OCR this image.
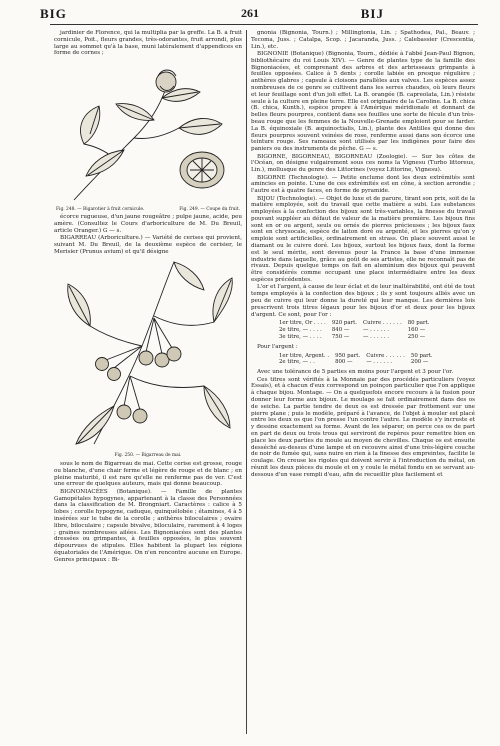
BIG	261	BIJ

jardinier de Florence, qui la multiplia par la greffe. La B. à fruit cornicule, Poit., fleurs grandes, très-odorantes, fruit arrondi, plus large au sommet qu'à la base, muni latéralement d'appendices en forme de cornes ;

Fig. 248. — Bigarotier à fruit cornicule.	Fig. 249. — Coupe du fruit.

écorce rugueuse, d'un jaune rougeâtre ; pulpe jaune, acide, peu amère. (Consultez le Cours d'arboriculture de M. Du Breuil, article Oranger.) G — s.

BIGARREAU (Arboriculture.) — Variété de cerises qui provient, suivant M. Du Breuil, de la deuxième espèce de cerisier, le Merisier (Prunus avium) et qu'il désigne

Fig. 250. — Bigarreau de mai.

sous le nom de Bigarreau de mai. Cette cerise est grosse, rouge ou blanche, d'une chair ferme et légère de rouge et de blanc ; en pleine maturité, il est rare qu'elle ne renferme pas de ver. C'est une erreur de quelques auteurs, mais qui donne beaucoup.

BIGNONIACÉES (Botanique). — Famille de plantes Gamopétales hypogynes, appartenant à la classe des Personnées dans la classification de M. Brongniart. Caractères : calice à 5 lobes ; corolle hypogyne, caduque, quinquélobée ; étamines, 4 à 5 insérées sur le tube de la corolle ; anthères biloculaires ; ovaire libre, biloculaire ; capsule bivalve, biloculaire, rarement à 4 loges ; graines nombreuses ailées. Les Bignoniacées sont des plantes dressées ou grimpantes, à feuilles opposées, le plus souvent dépourvues de stipules. Elles habitent la plupart les régions équatoriales de l'Amérique. On n'en rencontre aucune en Europe. Genres principaux : Bi-

gnonia (Bignonia, Tourn.) ; Millingtonia, Lin. ; Spathodea, Pal., Beauv. ; Tecoma, Juss. ; Catalpa, Scop. ; Jacaranda, Juss. ; Calebassier (Crescentia, Lin.), etc.

BIGNONIE (Botanique) (Bignonia, Tourn., dédiée à l'abbé Jean-Paul Bignon, bibliothécaire du roi Louis XIV). — Genre de plantes type de la famille des Bignoniacées, et comprenant des arbres et des arbrisseaux grimpants à feuilles opposées. Calice à 5 dents ; corolle labiée en presque régulière ; anthères glabres ; capsule à cloisons parallèles aux valves. Les espèces assez nombreuses de ce genre se cultivent dans les serres chaudes, où leurs fleurs et leur feuillage sont d'un joli effet. La B. orangée (B. capreolata, Lin.) résiste seule à la culture en pleine terre. Elle est originaire de la Caroline. La B. chica (B. chica, Kunth.), espèce propre à l'Amérique méridionale et donnant de belles fleurs pourpres, contient dans ses feuilles une sorte de fécule d'un très-beau rouge que les femmes de la Nouvelle-Grenade emploient pour se farder. La B. équinoxiale (B. æquinoctialis, Lin.), plante des Antilles qui donne des fleurs pourpres souvent veinées de rose, renferme aussi dans son écorce une teinture rouge. Ses rameaux sont utilisés par les indigènes pour faire des paniers ou des instruments de pêche. G — s.

BIGORNE, BIGORNEAU, BIGORNEAU (Zoologie). — Sur les côtes de l'Océan, on désigne vulgairement sous ces noms la Vignesu (Turbo littoreus, Lin.), mollusque du genre des Littorines (voyez Littorine, Vignesu).

BIGORNE (Technologie). — Petite enclume dont les deux extrémités sont amincies en pointe. L'une de ces extrémités est en cône, à section arrondie ; l'autre est à quatre faces, en forme de pyramide.

BIJOU (Technologie). — Objet de luxe et de parure, tirant son prix, soit de la matière employée, soit du travail que cette matière a subi. Les substances employées à la confection des bijoux sont très-variables, la finesse du travail pouvant suppléer au défaut de valeur de la matière première. Les bijoux fins sont en or ou argent, seuls ou ornés de pierres précieuses ; les bijoux faux sont en chrysocale, espèce de laiton doré ou argenté, et les pierres qu'on y emploie sont artificielles, ordinairement en strass. On place souvent aussi le diamant ou le cuivre doré. Les bijoux, surtout les bijoux faux, dont la forme est le seul mérite, sont devenus pour la France la base d'une immense industrie dans laquelle, grâce au goût de ses artistes, elle ne reconnaît pas de rivaux. Depuis quelque temps on fait en aluminium des bijoux qui peuvent être considérés comme occupant une place intermédiaire entre les deux espèces précédentes.

L'or et l'argent, à cause de leur éclat et de leur inaltérabilité, ont été de tout temps employés à la confection des bijoux ; ils y sont toujours alliés avec un peu de cuivre qui leur donne la dureté qui leur manque. Les dernières lois prescrivent trois titres légaux pour les bijoux d'or et deux pour les bijoux d'argent. Ce sont, pour l'or :

1er titre, Or . . . .	920 part.	Cuivre . . . . . .	80 part.
2e titre, — . . . .	840 —	— . . . . . .	160 —
3e titre, — . . . .	750 —	— . . . . . .	250 —

Pour l'argent :

1er titre, Argent. .	950 part.	Cuivre . . . . . .	50 part.
2e titre, — . .	800 —	— . . . . . .	200 —

Avec une tolérance de 5 parties en moins pour l'argent et 3 pour l'or.

Ces titres sont vérifiés à la Monnaie par des procédés particuliers (voyez Essais), et à chacun d'eux correspond un poinçon particulier que l'on applique à chaque bijou. Montage. — On a quelquefois encore recours à la fusion pour donner leur forme aux bijoux. Le moulage se fait ordinairement dans des os de seiche. La partie tendre de deux os est dressée par frottement sur une pierre plane ; puis le modèle, préparé à l'avance, de l'objet à mouler est placé entre les deux os que l'on presse l'un contre l'autre. Le modèle s'y incruste et y dessine exactement sa forme. Avant de les séparer, on perce ces os de part en part de deux ou trois trous qui serviront de repères pour remettre bien en place les deux parties du moule au moyen de chevilles. Chaque os est ensuite desséché au-dessus d'une lampe et on recouvre ainsi d'une très-légère couche de noir de fumée qui, sans nuire en rien à la finesse des empreintes, facilite le coulage. On creuse les rigoles qui doivent servir à l'introduction du métal, on réunit les deux pièces du moule et on y coule le métal fondu en se servant au-dessous d'un vase rempli d'eau, afin de recueillir plus facilement et
